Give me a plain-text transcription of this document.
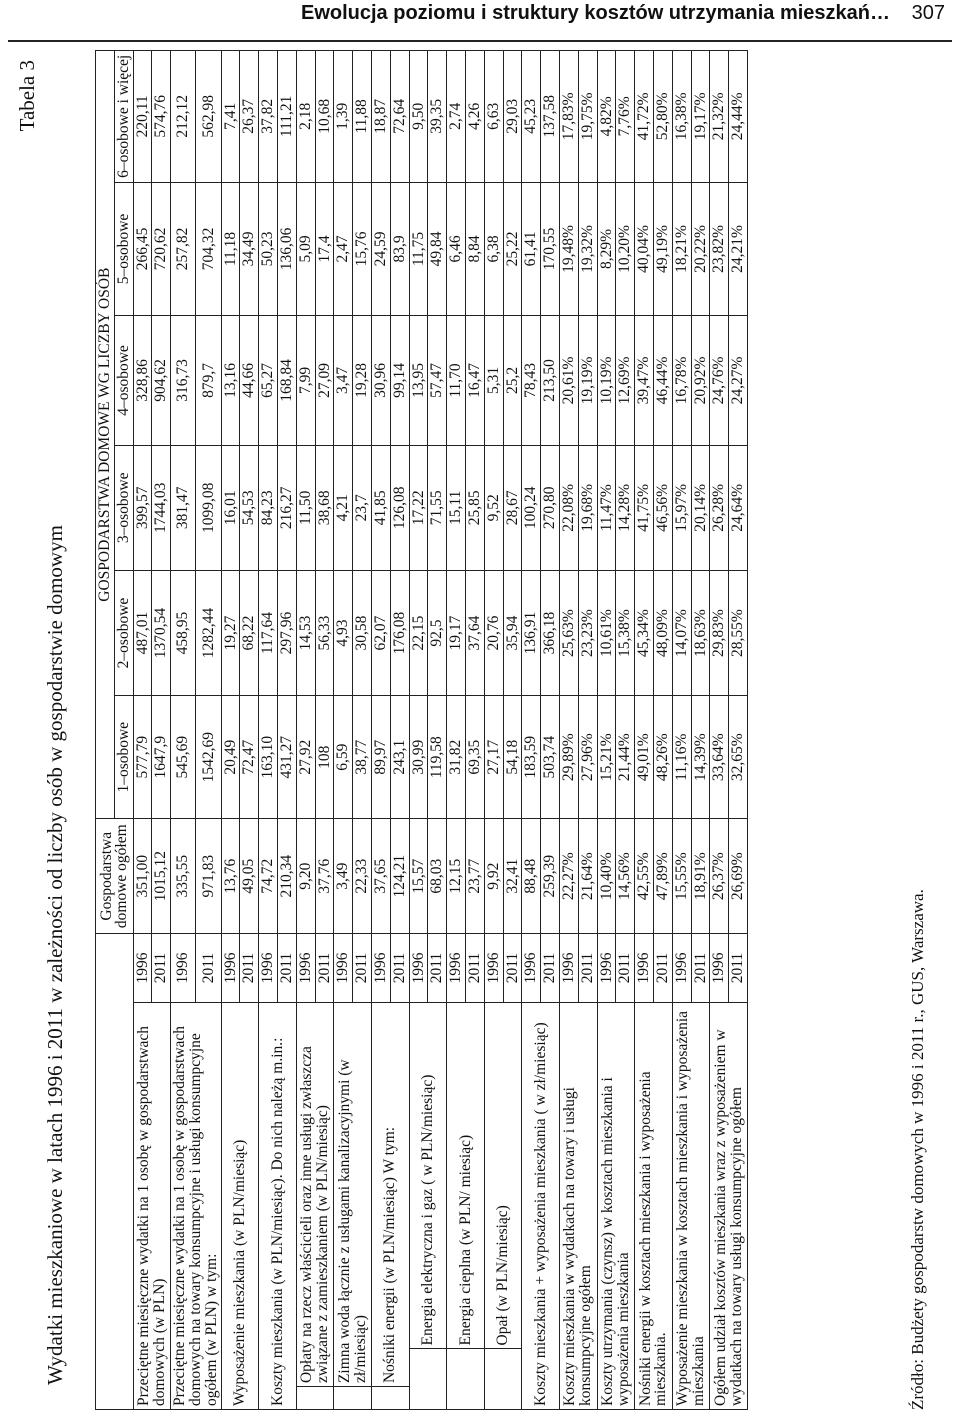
Ewolucja poziomu i struktury kosztów utrzymania mieszkań… 307
Tabela 3
Wydatki mieszkaniowe w latach 1996 i 2011 w zależności od liczby osób w gospodarstwie domowym
				Gospodarstwa domowe ogółem	GOSPODARSTWA DOMOWE WG LICZBY OSÓB					
					1–osobowe	2–osobowe	3–osobowe	4–osobowe	5–osobowe	6–osobowe i więcej
Przeciętne miesięczne wydatki na 1 osobę w gospodarstwach domowych (w PLN)			1996	351,00	577,79	487,01	399,57	328,86	266,45	220,11
			2011	1015,12	1647,9	1370,54	1744,03	904,62	720,62	574,76
Przeciętne miesięczne wydatki na 1 osobę w gospodarstwach domowych na towary konsumpcyjne i usługi konsumpcyjne ogółem (w PLN) w tym:			1996	335,55	545,69	458,95	381,47	316,73	257,82	212,12
			2011	971,83	1542,69	1282,44	1099,08	879,7	704,32	562,98
Wyposażenie mieszkania (w PLN/miesiąc)			1996	13,76	20,49	19,27	16,01	13,16	11,18	7,41
			2011	49,05	72,47	68,22	54,53	44,66	34,49	26,37
Koszty mieszkania (w PLN/miesiąc). Do nich należą m.in.:			1996	74,72	163,10	117,64	84,23	65,27	50,23	37,82
			2011	210,34	431,27	297,96	216,27	168,84	136,06	111,21
	Opłaty na rzecz właścicieli oraz inne usługi zwłaszcza związane z zamieszkaniem (w PLN/miesiąc)		1996	9,20	27,92	14,53	11,50	7,99	5,09	2,18
			2011	37,76	108	56,33	38,68	27,09	17,4	10,68
	Zimna woda łącznie z usługami kanalizacyjnymi (w zł/miesiąc)		1996	3,49	6,59	4,93	4,21	3,47	2,47	1,39
			2011	22,33	38,77	30,58	23,7	19,28	15,76	11,88
	Nośniki energii (w PLN/miesiąc) W tym:		1996	37,65	89,97	62,07	41,85	30,96	24,59	18,87
			2011	124,21	243,1	176,08	126,08	99,14	83,9	72,64
		Energia elektryczna i gaz ( w PLN/miesiąc)	1996	15,57	30,99	22,15	17,22	13,95	11,75	9,50
			2011	68,03	119,58	92,5	71,55	57,47	49,84	39,35
		Energia cieplna (w PLN/ miesiąc)	1996	12,15	31,82	19,17	15,11	11,70	6,46	2,74
			2011	23,77	69,35	37,64	25,85	16,47	8,84	4,26
		Opał (w PLN/miesiąc)	1996	9,92	27,17	20,76	9,52	5,31	6,38	6,63
			2011	32,41	54,18	35,94	28,67	25,2	25,22	29,03
Koszty mieszkania + wyposażenia mieszkania ( w zł/miesiąc)			1996	88,48	183,59	136,91	100,24	78,43	61,41	45,23
			2011	259,39	503,74	366,18	270,80	213,50	170,55	137,58
Koszty mieszkania w wydatkach na towary i usługi konsumpcyjne ogółem			1996	22,27%	29,89%	25,63%	22,08%	20,61%	19,48%	17,83%
			2011	21,64%	27,96%	23,23%	19,68%	19,19%	19,32%	19,75%
Koszty utrzymania (czynsz) w kosztach mieszkania i wyposażenia mieszkania			1996	10,40%	15,21%	10,61%	11,47%	10,19%	8,29%	4,82%
			2011	14,56%	21,44%	15,38%	14,28%	12,69%	10,20%	7,76%
Nośniki energii w kosztach mieszkania i wyposażenia mieszkania.			1996	42,55%	49,01%	45,34%	41,75%	39,47%	40,04%	41,72%
			2011	47,89%	48,26%	48,09%	46,56%	46,44%	49,19%	52,80%
Wyposażenie mieszkania w kosztach mieszkania i wyposażenia mieszkania			1996	15,55%	11,16%	14,07%	15,97%	16,78%	18,21%	16,38%
			2011	18,91%	14,39%	18,63%	20,14%	20,92%	20,22%	19,17%
Ogółem udział kosztów mieszkania wraz z wyposażeniem w wydatkach na towary usługi konsumpcyjne ogółem			1996	26,37%	33,64%	29,83%	26,28%	24,76%	23,82%	21,32%
			2011	26,69%	32,65%	28,55%	24,64%	24,27%	24,21%	24,44%
Źródło: Budżety gospodarstw domowych w 1996 i 2011 r., GUS, Warszawa.
